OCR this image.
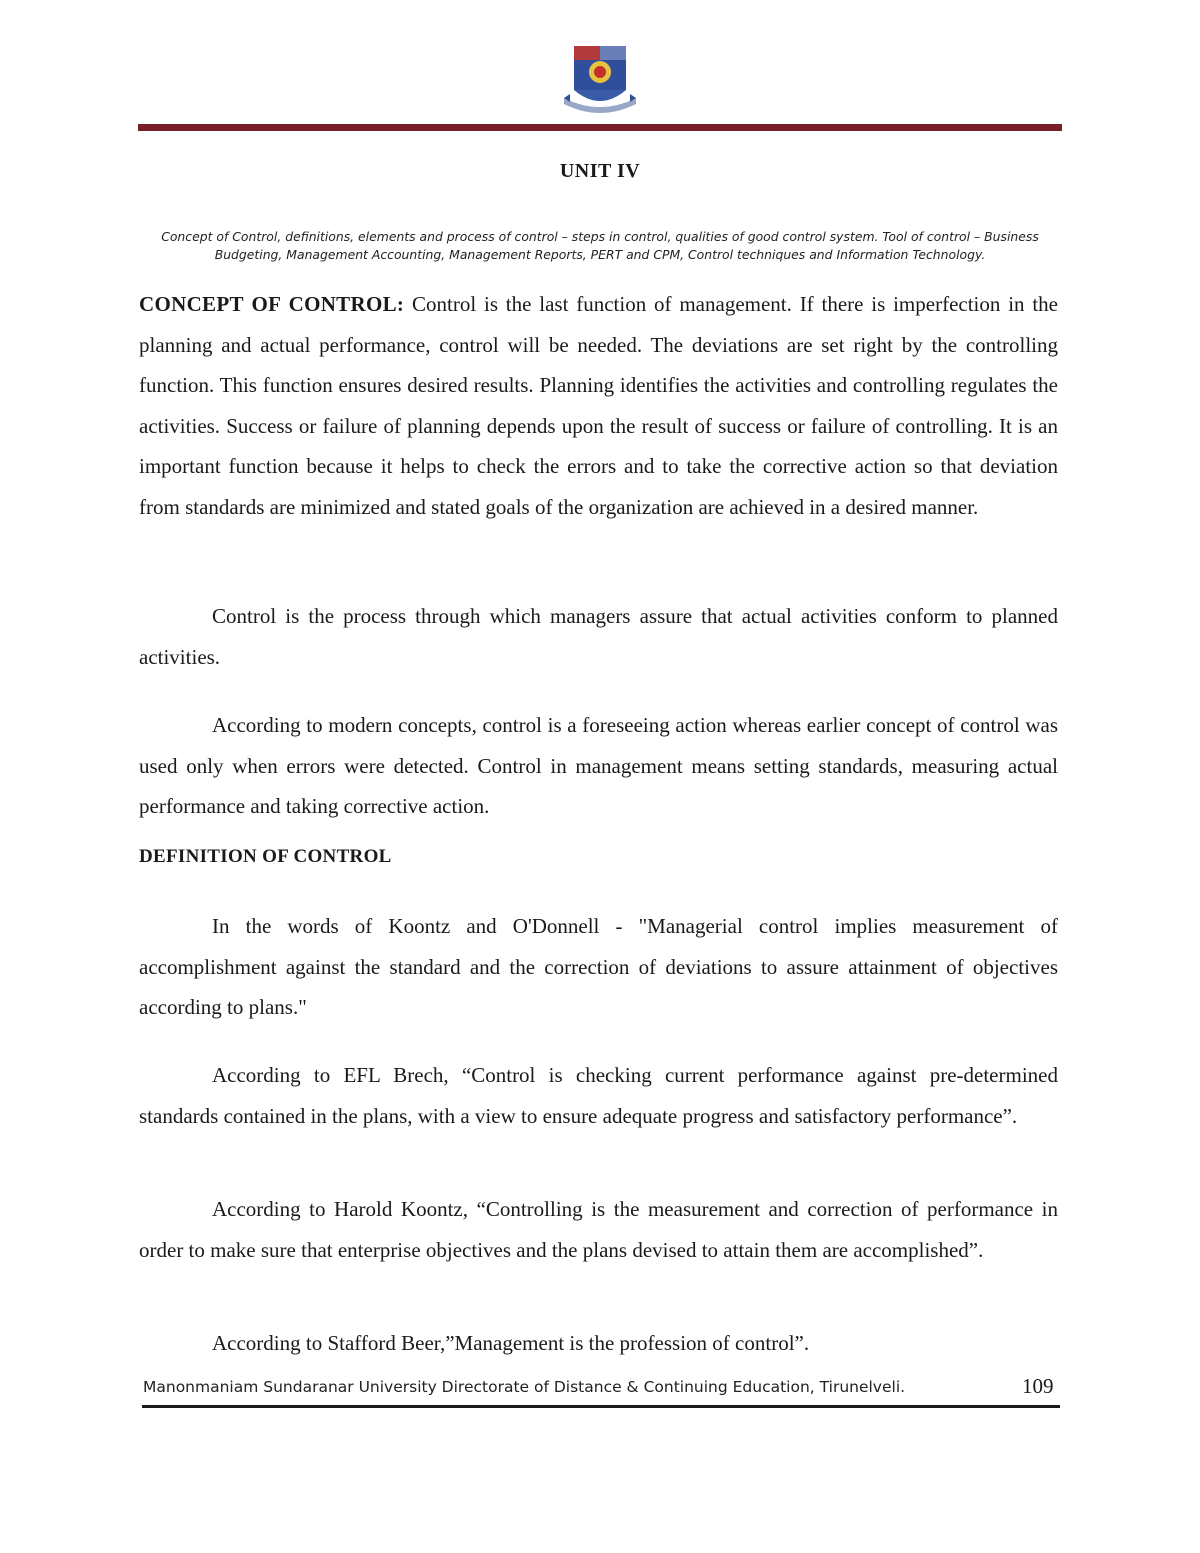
UNIT IV
Concept of Control, definitions, elements and process of control – steps in control, qualities of good control system. Tool of control – Business
Budgeting, Management Accounting, Management Reports, PERT and CPM, Control techniques and Information Technology.

CONCEPT OF CONTROL: Control is the last function of management. If there is imperfection in the planning and actual performance, control will be needed. The deviations are set right by the controlling function. This function ensures desired results. Planning identifies the activities and controlling regulates the activities. Success or failure of planning depends upon the result of success or failure of controlling. It is an important function because it helps to check the errors and to take the corrective action so that deviation from standards are minimized and stated goals of the organization are achieved in a desired manner.

Control is the process through which managers assure that actual activities conform to planned activities.

According to modern concepts, control is a foreseeing action whereas earlier concept of control was used only when errors were detected. Control in management means setting standards, measuring actual performance and taking corrective action.

DEFINITION OF CONTROL

In the words of Koontz and O'Donnell - "Managerial control implies measurement of accomplishment against the standard and the correction of deviations to assure attainment of objectives according to plans."

According to EFL Brech, “Control is checking current performance against pre-determined standards contained in the plans, with a view to ensure adequate progress and satisfactory performance”.

According to Harold Koontz, “Controlling is the measurement and correction of performance in order to make sure that enterprise objectives and the plans devised to attain them are accomplished”.

According to Stafford Beer,”Management is the profession of control”.

Manonmaniam Sundaranar University Directorate of Distance & Continuing Education, Tirunelveli.	109
